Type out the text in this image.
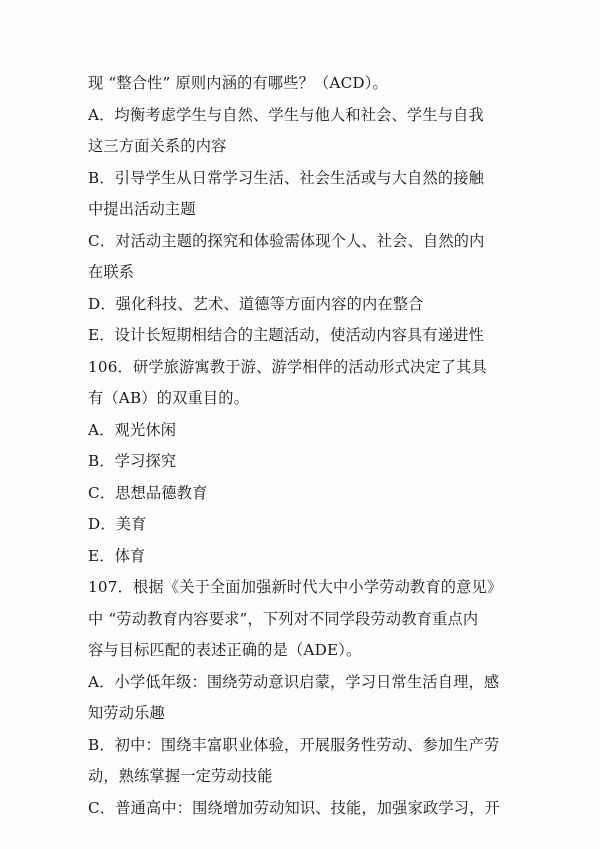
现 “整合性” 原则内涵的有哪些？（ACD）。

A．均衡考虑学生与自然、学生与他人和社会、学生与自我
这三方面关系的内容

B．引导学生从日常学习生活、社会生活或与大自然的接触
中提出活动主题

C．对活动主题的探究和体验需体现个人、社会、自然的内
在联系

D．强化科技、艺术、道德等方面内容的内在整合

E．设计长短期相结合的主题活动，使活动内容具有递进性

106．研学旅游寓教于游、游学相伴的活动形式决定了其具
有（AB）的双重目的。

A．观光休闲

B．学习探究

C．思想品德教育

D．美育

E．体育

107．根据《关于全面加强新时代大中小学劳动教育的意见》
中 “劳动教育内容要求”，下列对不同学段劳动教育重点内
容与目标匹配的表述正确的是（ADE）。

A．小学低年级：围绕劳动意识启蒙，学习日常生活自理，感
知劳动乐趣

B．初中：围绕丰富职业体验，开展服务性劳动、参加生产劳
动，熟练掌握一定劳动技能

C．普通高中：围绕增加劳动知识、技能，加强家政学习，开
